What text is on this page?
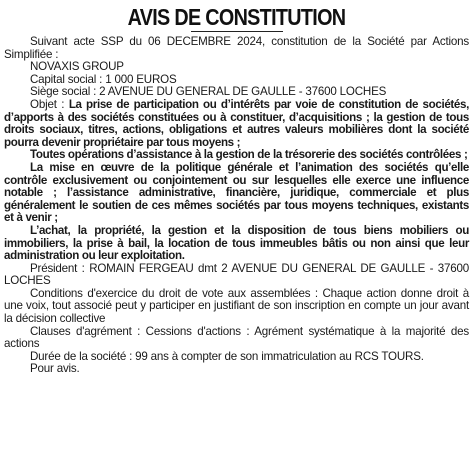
AVIS DE CONSTITUTION

Suivant acte SSP du 06 DECEMBRE 2024, constitution de la Société par Actions Simplifiée :

NOVAXIS GROUP

Capital social : 1 000 EUROS

Siège social : 2 AVENUE DU GENERAL DE GAULLE - 37600 LOCHES

Objet : La prise de participation ou d’intérêts par voie de constitution de sociétés, d’apports à des sociétés constituées ou à constituer, d’acquisitions ; la gestion de tous droits sociaux, titres, actions, obligations et autres valeurs mobilières dont la société pourra devenir propriétaire par tous moyens ;

Toutes opérations d’assistance à la gestion de la trésorerie des sociétés contrôlées ;

La mise en œuvre de la politique générale et l’animation des sociétés qu’elle contrôle exclusivement ou conjointement ou sur lesquelles elle exerce une influence notable ; l’assistance administrative, financière, juridique, commerciale et plus généralement le soutien de ces mêmes sociétés par tous moyens techniques, existants et à venir ;

L’achat, la propriété, la gestion et la disposition de tous biens mobiliers ou immobiliers, la prise à bail, la location de tous immeubles bâtis ou non ainsi que leur administration ou leur exploitation.

Président : ROMAIN FERGEAU dmt 2 AVENUE DU GENERAL DE GAULLE - 37600 LOCHES

Conditions d'exercice du droit de vote aux assemblées : Chaque action donne droit à une voix, tout associé peut y participer en justifiant de son inscription en compte un jour avant la décision collective

Clauses d'agrément : Cessions d'actions : Agrément systématique à la majorité des actions

Durée de la société : 99 ans à compter de son immatriculation au RCS TOURS.

Pour avis.
